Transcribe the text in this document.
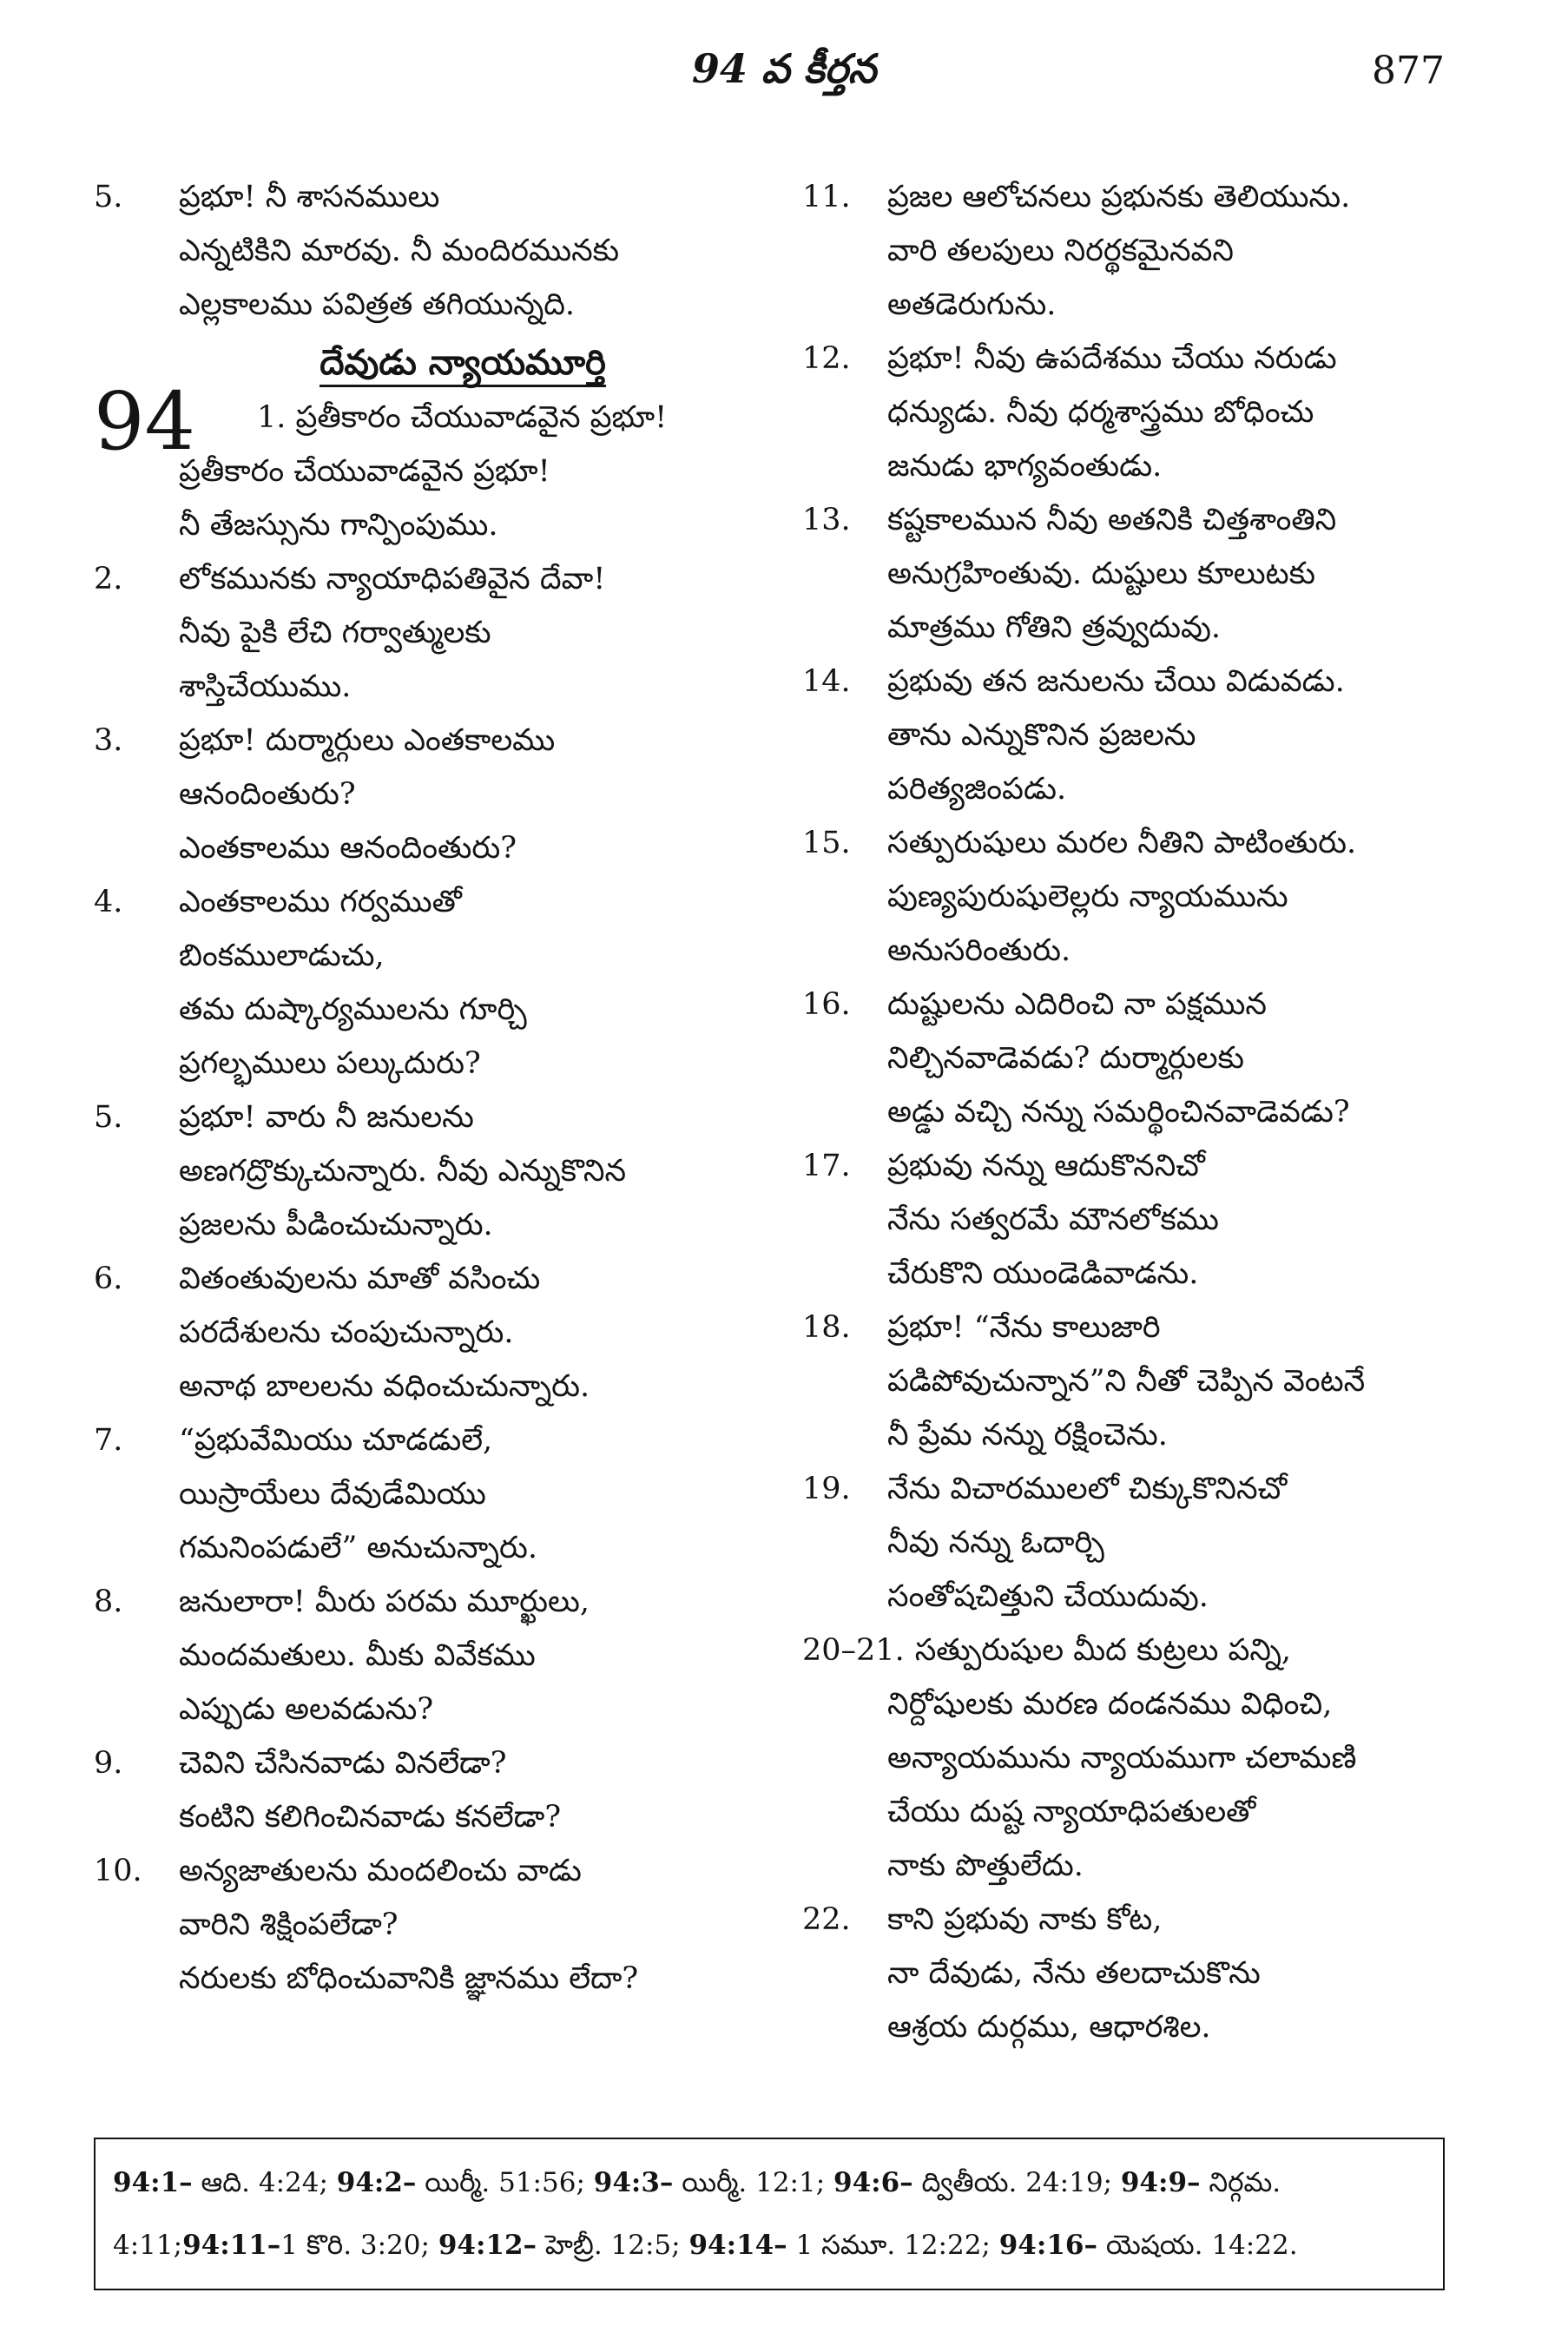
94 వ కీర్తన	877
5. ప్రభూ! నీ శాసనములు
ఎన్నటికిని మారవు. నీ మందిరమునకు
ఎల్లకాలము పవిత్రత తగియున్నది.
దేవుడు న్యాయమూర్తి
94	1. ప్రతీకారం చేయువాడవైన ప్రభూ!
ప్రతీకారం చేయువాడవైన ప్రభూ!
నీ తేజస్సును గాన్పింపుము.
2. లోకమునకు న్యాయాధిపతివైన దేవా!
నీవు పైకి లేచి గర్వాత్ములకు
శాస్తిచేయుము.
3. ప్రభూ! దుర్మార్గులు ఎంతకాలము
ఆనందింతురు?
ఎంతకాలము ఆనందింతురు?
4. ఎంతకాలము గర్వముతో
బింకములాడుచు,
తమ దుష్కార్యములను గూర్చి
ప్రగల్భములు పల్కుదురు?
5. ప్రభూ! వారు నీ జనులను
అణగద్రొక్కుచున్నారు. నీవు ఎన్నుకొనిన
ప్రజలను పీడించుచున్నారు.
6. వితంతువులను మాతో వసించు
పరదేశులను చంపుచున్నారు.
అనాథ బాలలను వధించుచున్నారు.
7. “ప్రభువేమియు చూడడులే,
యిస్రాయేలు దేవుడేమియు
గమనింపడులే” అనుచున్నారు.
8. జనులారా! మీరు పరమ మూర్ఖులు,
మందమతులు. మీకు వివేకము
ఎప్పుడు అలవడును?
9. చెవిని చేసినవాడు వినలేడా?
కంటిని కలిగించినవాడు కనలేడా?
10. అన్యజాతులను మందలించు వాడు
వారిని శిక్షింపలేడా?
నరులకు బోధించువానికి జ్ఞానము లేదా?
11. ప్రజల ఆలోచనలు ప్రభునకు తెలియును.
వారి తలపులు నిరర్థకమైనవని
అతడెరుగును.
12. ప్రభూ! నీవు ఉపదేశము చేయు నరుడు
ధన్యుడు. నీవు ధర్మశాస్త్రము బోధించు
జనుడు భాగ్యవంతుడు.
13. కష్టకాలమున నీవు అతనికి చిత్తశాంతిని
అనుగ్రహింతువు. దుష్టులు కూలుటకు
మాత్రము గోతిని త్రవ్వుదువు.
14. ప్రభువు తన జనులను చేయి విడువడు.
తాను ఎన్నుకొనిన ప్రజలను
పరిత్యజింపడు.
15. సత్పురుషులు మరల నీతిని పాటింతురు.
పుణ్యపురుషులెల్లరు న్యాయమును
అనుసరింతురు.
16. దుష్టులను ఎదిరించి నా పక్షమున
నిల్చినవాడెవడు? దుర్మార్గులకు
అడ్డు వచ్చి నన్ను సమర్థించినవాడెవడు?
17. ప్రభువు నన్ను ఆదుకొననిచో
నేను సత్వరమే మౌనలోకము
చేరుకొని యుండెడివాడను.
18. ప్రభూ! “నేను కాలుజారి
పడిపోవుచున్నాన”ని నీతో చెప్పిన వెంటనే
నీ ప్రేమ నన్ను రక్షించెను.
19. నేను విచారములలో చిక్కుకొనినచో
నీవు నన్ను ఓదార్చి
సంతోషచిత్తుని చేయుదువు.
20–21. సత్పురుషుల మీద కుట్రలు పన్ని,
నిర్దోషులకు మరణ దండనము విధించి,
అన్యాయమును న్యాయముగా చలామణి
చేయు దుష్ట న్యాయాధిపతులతో
నాకు పొత్తులేదు.
22. కాని ప్రభువు నాకు కోట,
నా దేవుడు, నేను తలదాచుకొను
ఆశ్రయ దుర్గము, ఆధారశిల.
94:1– ఆది. 4:24; 94:2– యిర్మీ. 51:56; 94:3– యిర్మీ. 12:1; 94:6– ద్వితీయ. 24:19; 94:9– నిర్గమ.
4:11;94:11–1 కొరి. 3:20; 94:12– హెబ్రీ. 12:5; 94:14– 1 సమూ. 12:22; 94:16– యెషయ. 14:22.
